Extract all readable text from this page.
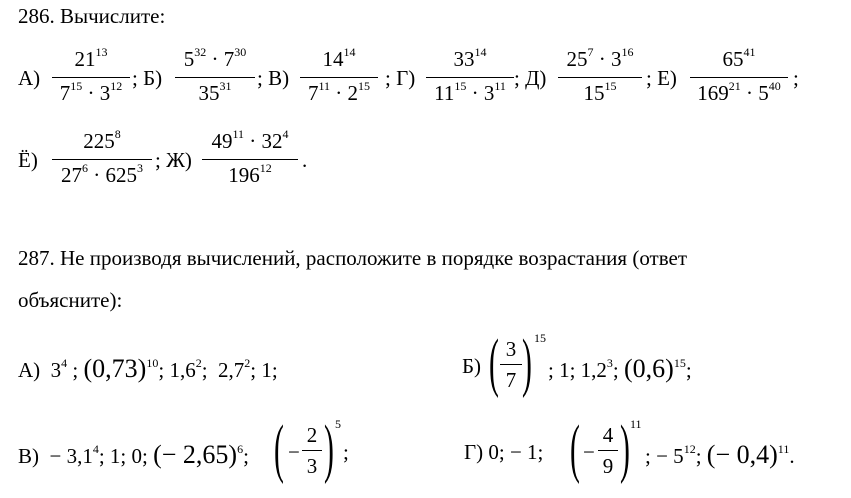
286. Вычислите:
А)
$21^{13}$
$7^{15} \cdot 3^{12}$ ; Б)
$5^{32} \cdot 7^{30}$
$35^{31}$	; В)
$14^{14}$
$7^{11} \cdot 2^{15}$ ; Г)
$33^{14}$
$11^{15} \cdot 3^{11}$ ; Д)
$25^7 \cdot 3^{16}$
$15^{15}$	; Е)
$65^{41}$
$169^{21} \cdot 5^{40}$ ;
Ё)
$225^8$
$27^6 \cdot 625^3$ ; Ж)
$49^{11} \cdot 32^4$
$196^{12}$	.
287. Не производя вычислений, расположите в порядке возрастания (ответ
объясните):
А) $3^4$ ; $(0,73)^{10}$; $1,6^2$;  $2,7^2$; 1;	Б) ( 3
7 ) 15
; 1; $1,2^3$; $(0,6)^{15}$;
$В) - 3,1^4$; 1; 0; (− 2,65)$^6$; ( −
2
3 ) 5
;	Г) 0; − 1; ( −
4
9 ) 11
; − $5^{12}$; (− 0,4)$^{11}$.
